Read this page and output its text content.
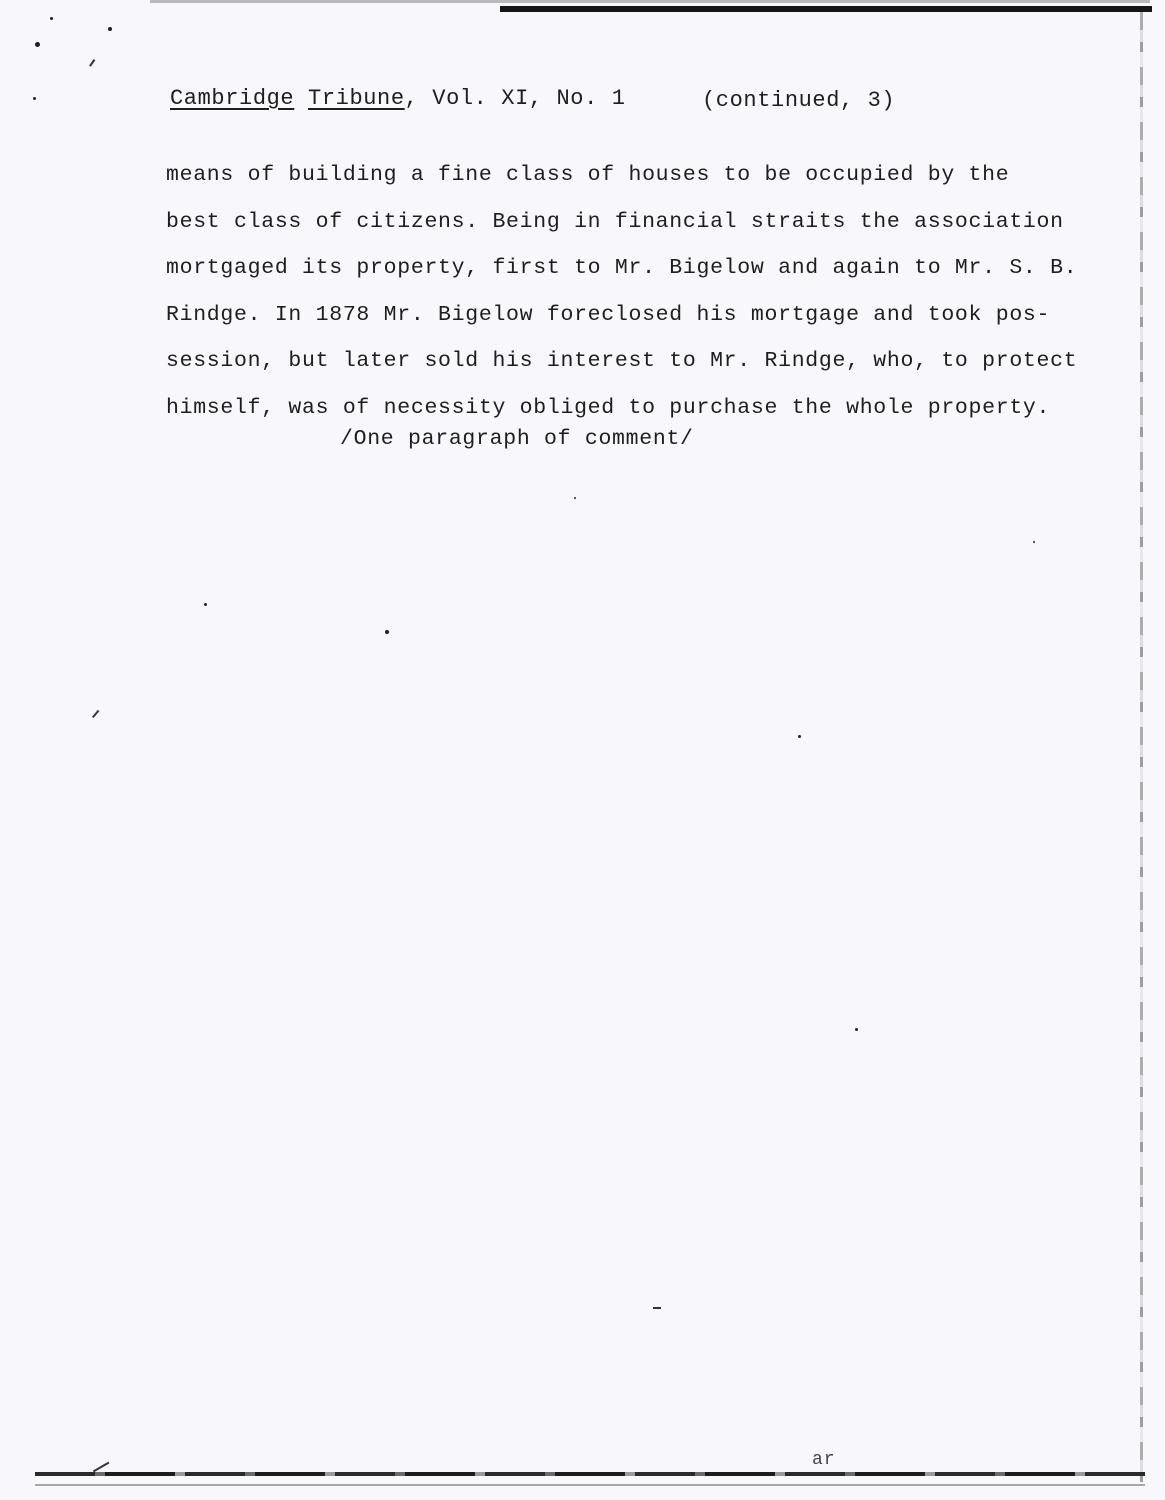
Cambridge Tribune, Vol. XI, No. 1	(continued, 3)
means of building a fine class of houses to be occupied by the
best class of citizens. Being in financial straits the association
mortgaged its property, first to Mr. Bigelow and again to Mr. S. B.
Rindge. In 1878 Mr. Bigelow foreclosed his mortgage and took pos-
session, but later sold his interest to Mr. Rindge, who, to protect
himself, was of necessity obliged to purchase the whole property.
/One paragraph of comment/
ar
